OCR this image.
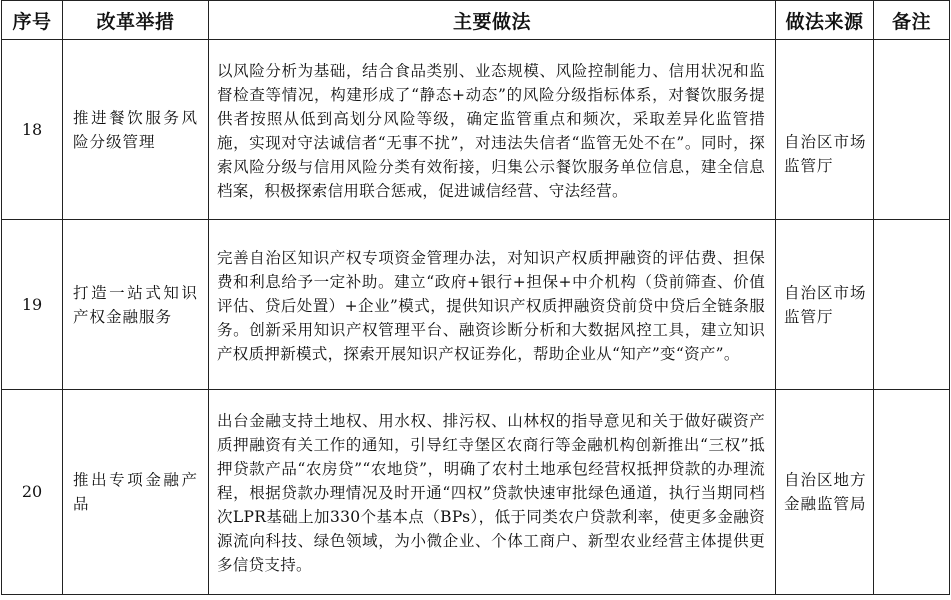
序号	改革举措	主要做法	做法来源	备注
18	推进餐饮服务风险分级管理	以风险分析为基础，结合食品类别、业态规模、风险控制能力、信用状况和监督检查等情况，构建形成了“静态+动态”的风险分级指标体系，对餐饮服务提供者按照从低到高划分风险等级，确定监管重点和频次，采取差异化监管措施，实现对守法诚信者“无事不扰”，对违法失信者“监管无处不在”。同时，探索风险分级与信用风险分类有效衔接，归集公示餐饮服务单位信息，建全信息档案，积极探索信用联合惩戒，促进诚信经营、守法经营。	自治区市场监管厅	

19	打造一站式知识产权金融服务	完善自治区知识产权专项资金管理办法，对知识产权质押融资的评估费、担保费和利息给予一定补助。建立“政府+银行+担保+中介机构（贷前筛查、价值评估、贷后处置）+企业”模式，提供知识产权质押融资贷前贷中贷后全链条服务。创新采用知识产权管理平台、融资诊断分析和大数据风控工具，建立知识产权质押新模式，探索开展知识产权证券化，帮助企业从“知产”变“资产”。	自治区市场监管厅	
20	推出专项金融产品	出台金融支持土地权、用水权、排污权、山林权的指导意见和关于做好碳资产质押融资有关工作的通知，引导红寺堡区农商行等金融机构创新推出“三权”抵押贷款产品“农房贷”“农地贷”，明确了农村土地承包经营权抵押贷款的办理流程，根据贷款办理情况及时开通“四权”贷款快速审批绿色通道，执行当期同档次LPR基础上加330个基本点（BPs），低于同类农户贷款利率，使更多金融资源流向科技、绿色领域，为小微企业、个体工商户、新型农业经营主体提供更多信贷支持。	自治区地方金融监管局	
